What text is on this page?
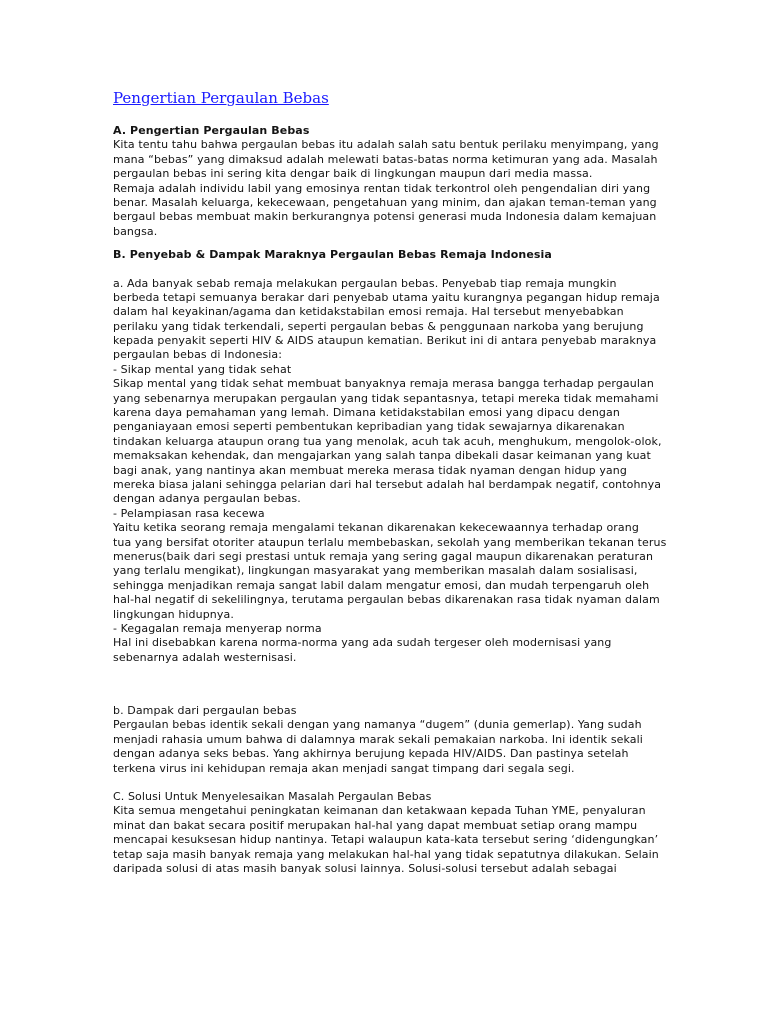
Pengertian Pergaulan Bebas
A. Pengertian Pergaulan Bebas
Kita tentu tahu bahwa pergaulan bebas itu adalah salah satu bentuk perilaku menyimpang, yang
mana “bebas” yang dimaksud adalah melewati batas-batas norma ketimuran yang ada. Masalah
pergaulan bebas ini sering kita dengar baik di lingkungan maupun dari media massa.
Remaja adalah individu labil yang emosinya rentan tidak terkontrol oleh pengendalian diri yang
benar. Masalah keluarga, kekecewaan, pengetahuan yang minim, dan ajakan teman-teman yang
bergaul bebas membuat makin berkurangnya potensi generasi muda Indonesia dalam kemajuan
bangsa.
B. Penyebab & Dampak Maraknya Pergaulan Bebas Remaja Indonesia
a. Ada banyak sebab remaja melakukan pergaulan bebas. Penyebab tiap remaja mungkin
berbeda tetapi semuanya berakar dari penyebab utama yaitu kurangnya pegangan hidup remaja
dalam hal keyakinan/agama dan ketidakstabilan emosi remaja. Hal tersebut menyebabkan
perilaku yang tidak terkendali, seperti pergaulan bebas & penggunaan narkoba yang berujung
kepada penyakit seperti HIV & AIDS ataupun kematian. Berikut ini di antara penyebab maraknya
pergaulan bebas di Indonesia:
- Sikap mental yang tidak sehat
Sikap mental yang tidak sehat membuat banyaknya remaja merasa bangga terhadap pergaulan
yang sebenarnya merupakan pergaulan yang tidak sepantasnya, tetapi mereka tidak memahami
karena daya pemahaman yang lemah. Dimana ketidakstabilan emosi yang dipacu dengan
penganiayaan emosi seperti pembentukan kepribadian yang tidak sewajarnya dikarenakan
tindakan keluarga ataupun orang tua yang menolak, acuh tak acuh, menghukum, mengolok-olok,
memaksakan kehendak, dan mengajarkan yang salah tanpa dibekali dasar keimanan yang kuat
bagi anak, yang nantinya akan membuat mereka merasa tidak nyaman dengan hidup yang
mereka biasa jalani sehingga pelarian dari hal tersebut adalah hal berdampak negatif, contohnya
dengan adanya pergaulan bebas.
- Pelampiasan rasa kecewa
Yaitu ketika seorang remaja mengalami tekanan dikarenakan kekecewaannya terhadap orang
tua yang bersifat otoriter ataupun terlalu membebaskan, sekolah yang memberikan tekanan terus
menerus(baik dari segi prestasi untuk remaja yang sering gagal maupun dikarenakan peraturan
yang terlalu mengikat), lingkungan masyarakat yang memberikan masalah dalam sosialisasi,
sehingga menjadikan remaja sangat labil dalam mengatur emosi, dan mudah terpengaruh oleh
hal-hal negatif di sekelilingnya, terutama pergaulan bebas dikarenakan rasa tidak nyaman dalam
lingkungan hidupnya.
- Kegagalan remaja menyerap norma
Hal ini disebabkan karena norma-norma yang ada sudah tergeser oleh modernisasi yang
sebenarnya adalah westernisasi.
b. Dampak dari pergaulan bebas
Pergaulan bebas identik sekali dengan yang namanya “dugem” (dunia gemerlap). Yang sudah
menjadi rahasia umum bahwa di dalamnya marak sekali pemakaian narkoba. Ini identik sekali
dengan adanya seks bebas. Yang akhirnya berujung kepada HIV/AIDS. Dan pastinya setelah
terkena virus ini kehidupan remaja akan menjadi sangat timpang dari segala segi.
C. Solusi Untuk Menyelesaikan Masalah Pergaulan Bebas
Kita semua mengetahui peningkatan keimanan dan ketakwaan kepada Tuhan YME, penyaluran
minat dan bakat secara positif merupakan hal-hal yang dapat membuat setiap orang mampu
mencapai kesuksesan hidup nantinya. Tetapi walaupun kata-kata tersebut sering ‘didengungkan’
tetap saja masih banyak remaja yang melakukan hal-hal yang tidak sepatutnya dilakukan. Selain
daripada solusi di atas masih banyak solusi lainnya. Solusi-solusi tersebut adalah sebagai
